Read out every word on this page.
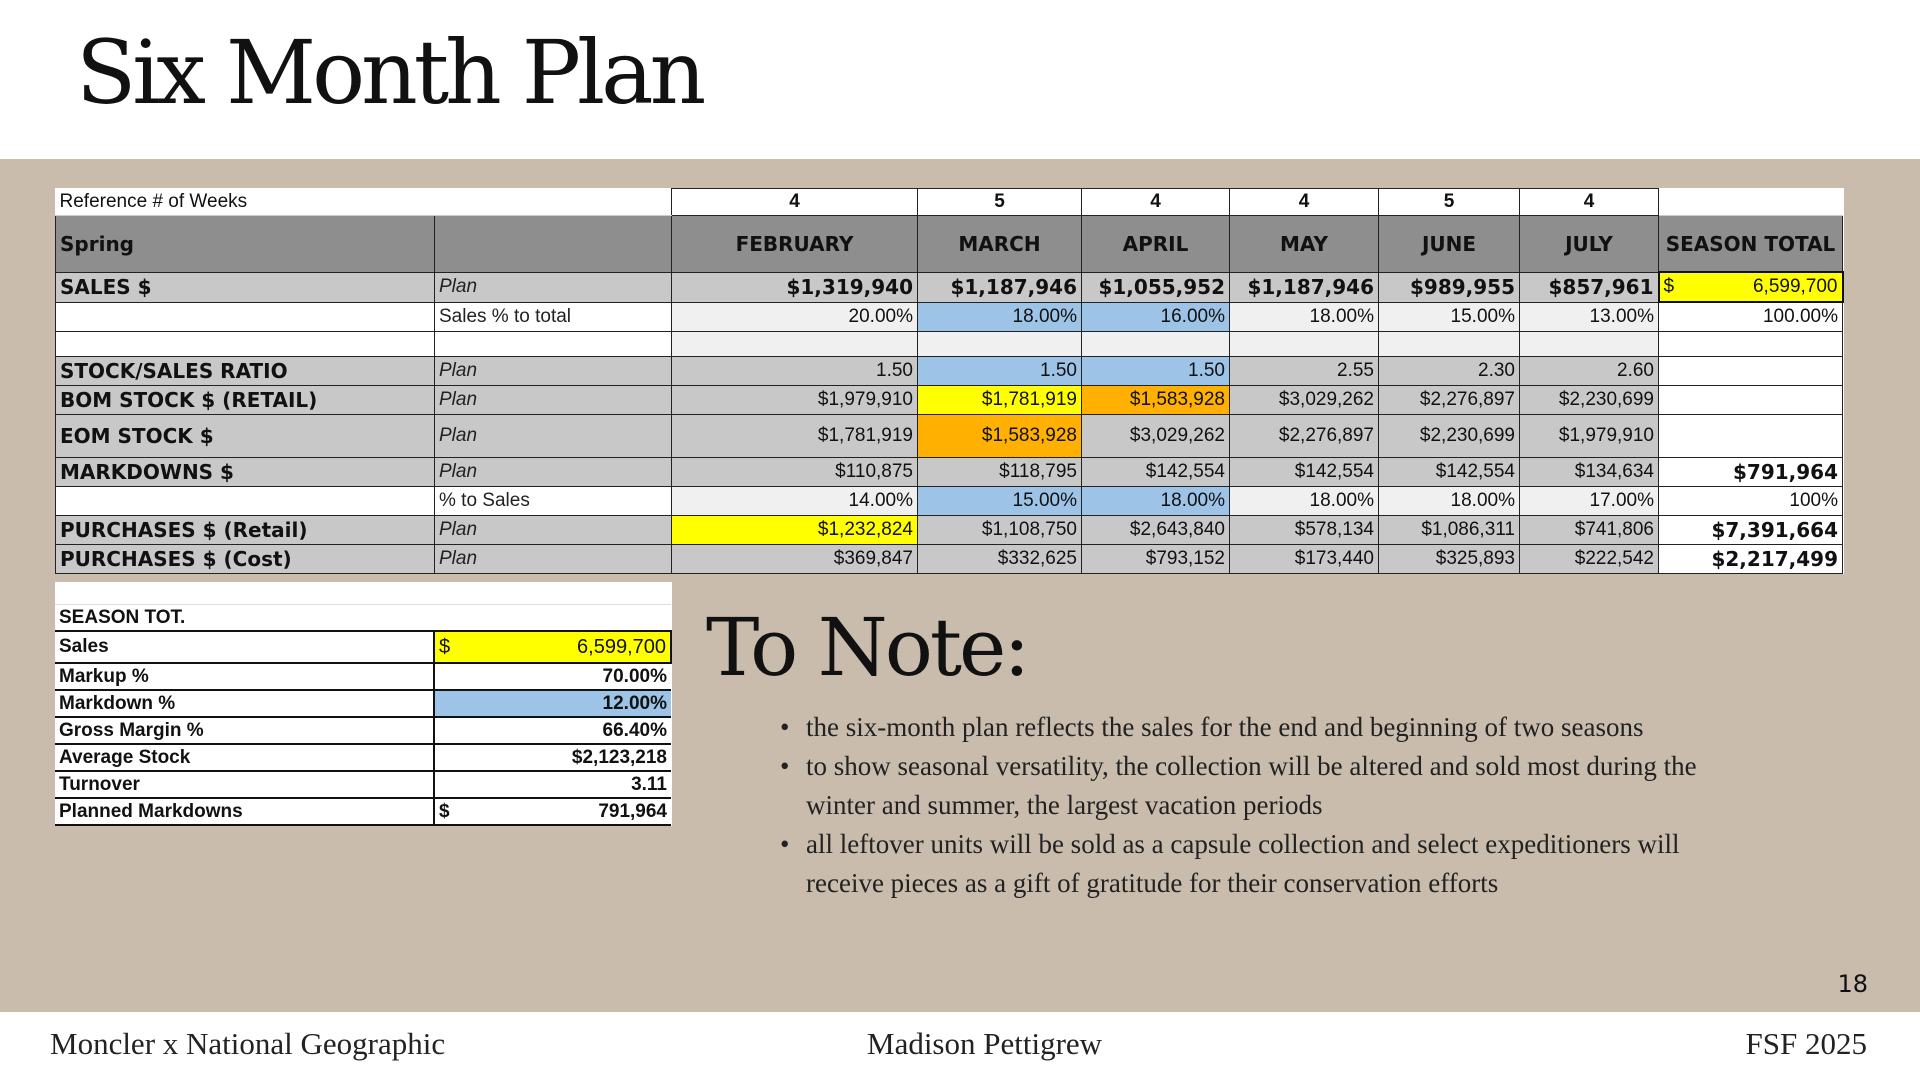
Six Month Plan
Reference # of Weeks		4	5	4	4	5	4	
Spring		FEBRUARY	MARCH	APRIL	MAY	JUNE	JULY	SEASON TOTAL
SALES $	Plan	$1,319,940	$1,187,946	$1,055,952	$1,187,946	$989,955	$857,961	$ 6,599,700

	Sales % to total	20.00%	18.00%	16.00%	18.00%	15.00%	13.00%	100.00%

STOCK/SALES RATIO	Plan	1.50	1.50	1.50	2.55	2.30	2.60	
BOM STOCK $ (RETAIL)	Plan	$1,979,910	$1,781,919	$1,583,928	$3,029,262	$2,276,897	$2,230,699	
EOM STOCK $	Plan	$1,781,919	$1,583,928	$3,029,262	$2,276,897	$2,230,699	$1,979,910	
MARKDOWNS $	Plan	$110,875	$118,795	$142,554	$142,554	$142,554	$134,634	$791,964
	% to Sales	14.00%	15.00%	18.00%	18.00%	18.00%	17.00%	100%
PURCHASES $ (Retail)	Plan	$1,232,824	$1,108,750	$2,643,840	$578,134	$1,086,311	$741,806	$7,391,664
PURCHASES $ (Cost)	Plan	$369,847	$332,625	$793,152	$173,440	$325,893	$222,542	$2,217,499

SEASON TOT.	
Sales	$ 6,599,700

Markup %	70.00%
Markdown %	12.00%
Gross Margin %	66.40%
Average Stock	$2,123,218
Turnover	3.11
Planned Markdowns	$ 791,964
To Note:
• the six-month plan reflects the sales for the end and beginning of two seasons
• to show seasonal versatility, the collection will be altered and sold most during the winter and summer, the largest vacation periods
• all leftover units will be sold as a capsule collection and select expeditioners will receive pieces as a gift of gratitude for their conservation efforts
18
Moncler x National Geographic	Madison Pettigrew	FSF 2025
